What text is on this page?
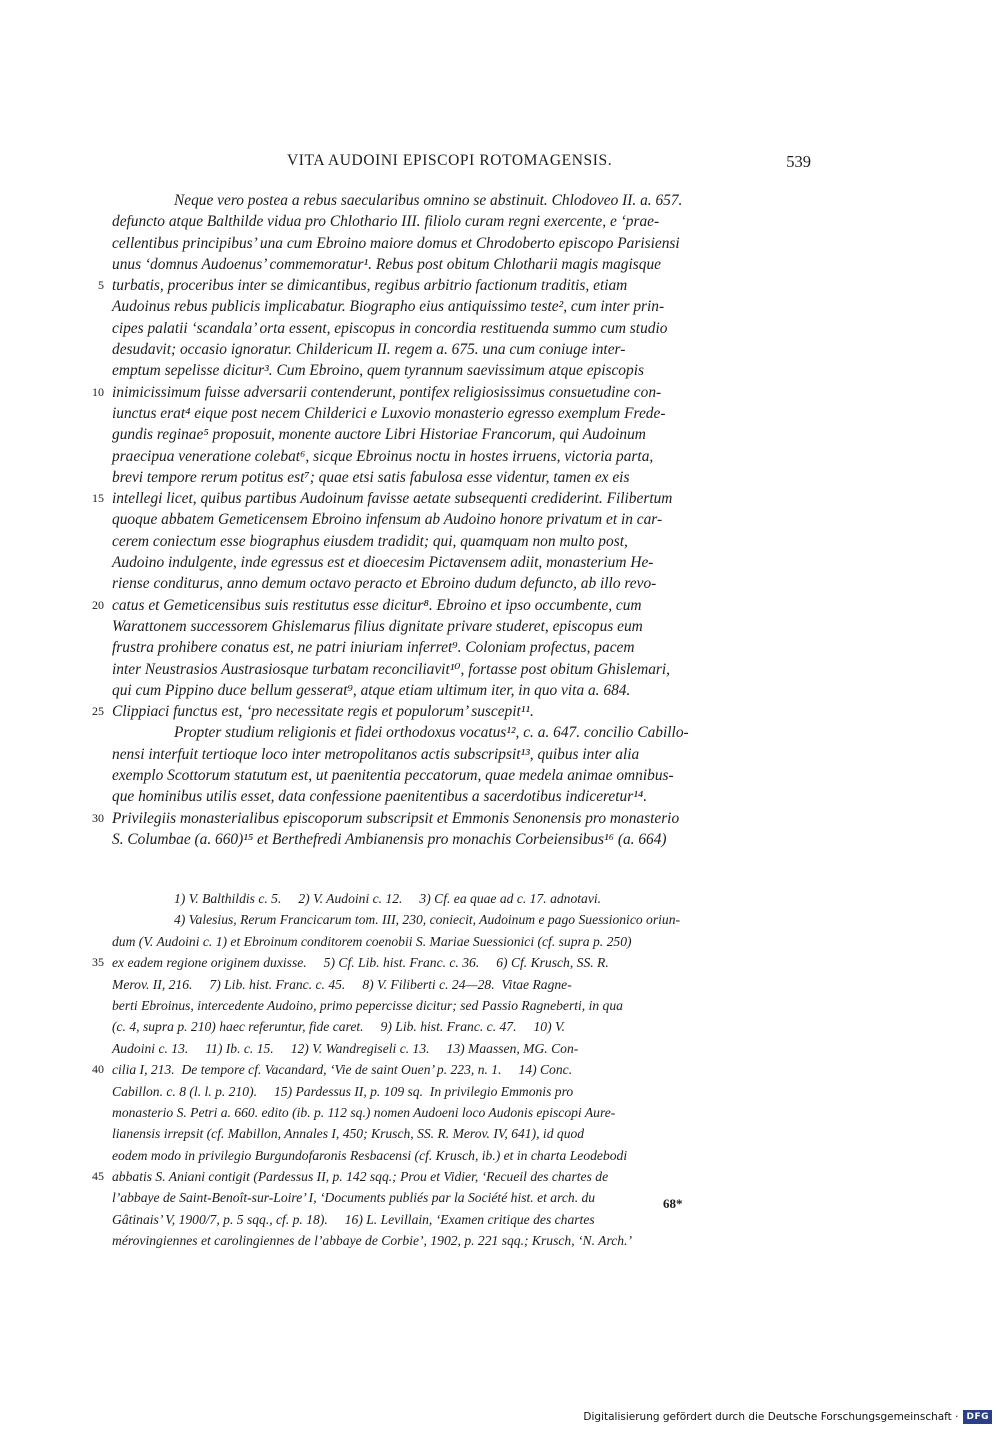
VITA AUDOINI EPISCOPI ROTOMAGENSIS.	539
Neque vero postea a rebus saecularibus omnino se abstinuit. Chlodoveo II. a. 657.
defuncto atque Balthilde vidua pro Chlothario III. filiolo curam regni exercente, e ‘prae-
cellentibus principibus’ una cum Ebroino maiore domus et Chrodoberto episcopo Parisiensi
unus ‘domnus Audoenus’ commemoratur¹. Rebus post obitum Chlotharii magis magisque
5 turbatis, proceribus inter se dimicantibus, regibus arbitrio factionum traditis, etiam
Audoinus rebus publicis implicabatur. Biographo eius antiquissimo teste², cum inter prin-
cipes palatii ‘scandala’ orta essent, episcopus in concordia restituenda summo cum studio
desudavit; occasio ignoratur. Childericum II. regem a. 675. una cum coniuge inter-
emptum sepelisse dicitur³. Cum Ebroino, quem tyrannum saevissimum atque episcopis
10 inimicissimum fuisse adversarii contenderunt, pontifex religiosissimus consuetudine con-
iunctus erat⁴ eique post necem Childerici e Luxovio monasterio egresso exemplum Frede-
gundis reginae⁵ proposuit, monente auctore Libri Historiae Francorum, qui Audoinum
praecipua veneratione colebat⁶, sicque Ebroinus noctu in hostes irruens, victoria parta,
brevi tempore rerum potitus est⁷; quae etsi satis fabulosa esse videntur, tamen ex eis
15 intellegi licet, quibus partibus Audoinum favisse aetate subsequenti crediderint. Filibertum
quoque abbatem Gemeticensem Ebroino infensum ab Audoino honore privatum et in car-
cerem coniectum esse biographus eiusdem tradidit; qui, quamquam non multo post,
Audoino indulgente, inde egressus est et dioecesim Pictavensem adiit, monasterium He-
riense conditurus, anno demum octavo peracto et Ebroino dudum defuncto, ab illo revo-
20 catus et Gemeticensibus suis restitutus esse dicitur⁸. Ebroino et ipso occumbente, cum
Warattonem successorem Ghislemarus filius dignitate privare studeret, episcopus eum
frustra prohibere conatus est, ne patri iniuriam inferret⁹. Coloniam profectus, pacem
inter Neustrasios Austrasiosque turbatam reconciliavit¹⁰, fortasse post obitum Ghislemari,
qui cum Pippino duce bellum gesserat⁹, atque etiam ultimum iter, in quo vita a. 684.
25 Clippiaci functus est, ‘pro necessitate regis et populorum’ suscepit¹¹.
Propter studium religionis et fidei orthodoxus vocatus¹², c. a. 647. concilio Cabillo-
nensi interfuit tertioque loco inter metropolitanos actis subscripsit¹³, quibus inter alia
exemplo Scottorum statutum est, ut paenitentia peccatorum, quae medela animae omnibus-
que hominibus utilis esset, data confessione paenitentibus a sacerdotibus indiceretur¹⁴.
30 Privilegiis monasterialibus episcoporum subscripsit et Emmonis Senonensis pro monasterio
S. Columbae (a. 660)¹⁵ et Berthefredi Ambianensis pro monachis Corbeiensibus¹⁶ (a. 664)
1) V. Balthildis c. 5.     2) V. Audoini c. 12.     3) Cf. ea quae ad c. 17. adnotavi.
4) Valesius, Rerum Francicarum tom. III, 230, coniecit, Audoinum e pago Suessionico oriun-
dum (V. Audoini c. 1) et Ebroinum conditorem coenobii S. Mariae Suessionici (cf. supra p. 250)
35 ex eadem regione originem duxisse.     5) Cf. Lib. hist. Franc. c. 36.     6) Cf. Krusch, SS. R.
Merov. II, 216.     7) Lib. hist. Franc. c. 45.     8) V. Filiberti c. 24—28.  Vitae Ragne-
berti Ebroinus, intercedente Audoino, primo pepercisse dicitur; sed Passio Ragneberti, in qua
(c. 4, supra p. 210) haec referuntur, fide caret.     9) Lib. hist. Franc. c. 47.     10) V.
Audoini c. 13.     11) Ib. c. 15.     12) V. Wandregiseli c. 13.     13) Maassen, MG. Con-
40 cilia I, 213.  De tempore cf. Vacandard, ‘Vie de saint Ouen’ p. 223, n. 1.     14) Conc.
Cabillon. c. 8 (l. l. p. 210).     15) Pardessus II, p. 109 sq.  In privilegio Emmonis pro
monasterio S. Petri a. 660. edito (ib. p. 112 sq.) nomen Audoeni loco Audonis episcopi Aure-
lianensis irrepsit (cf. Mabillon, Annales I, 450; Krusch, SS. R. Merov. IV, 641), id quod
eodem modo in privilegio Burgundofaronis Resbacensi (cf. Krusch, ib.) et in charta Leodebodi
45 abbatis S. Aniani contigit (Pardessus II, p. 142 sqq.; Prou et Vidier, ‘Recueil des chartes de
l’abbaye de Saint-Benoît-sur-Loire’ I, ‘Documents publiés par la Société hist. et arch. du
Gâtinais’ V, 1900/7, p. 5 sqq., cf. p. 18).     16) L. Levillain, ‘Examen critique des chartes
mérovingiennes et carolingiennes de l’abbaye de Corbie’, 1902, p. 221 sqq.; Krusch, ‘N. Arch.’
68*
Digitalisierung gefördert durch die Deutsche Forschungsgemeinschaft · DFG
